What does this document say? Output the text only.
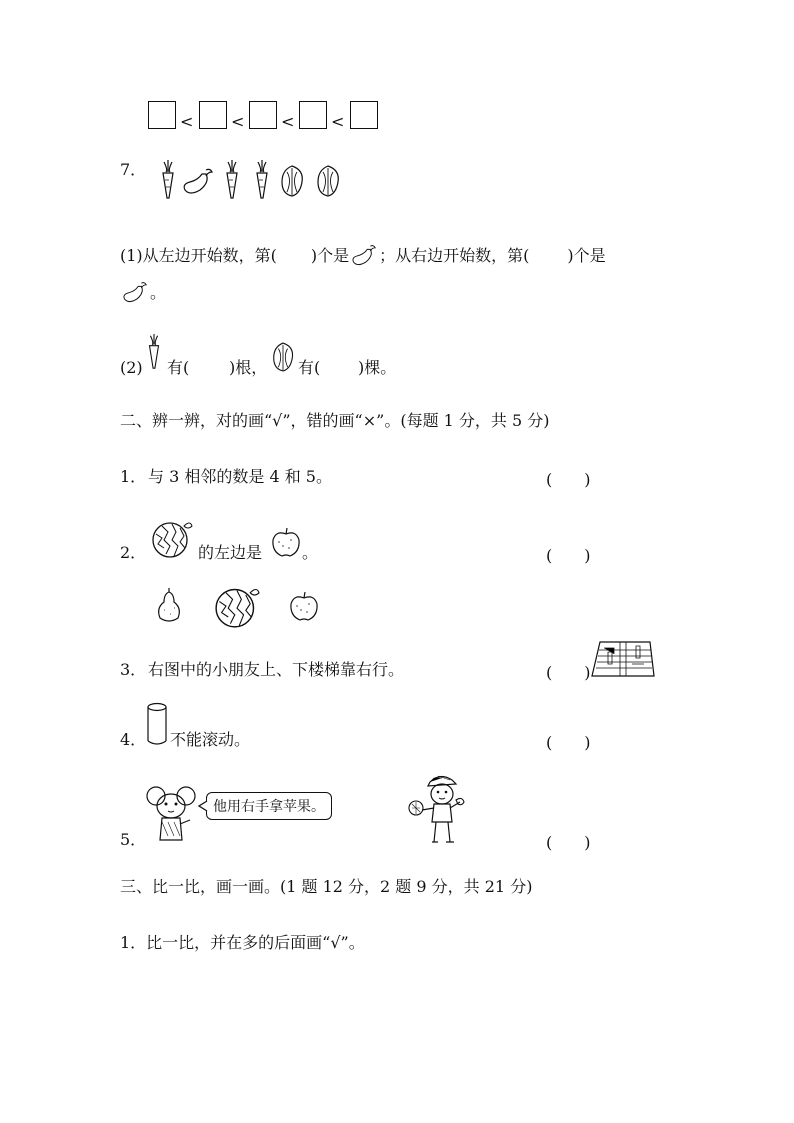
< < < <
7．
(1)从左边开始数，第( )个是 ；从右边开始数，第( )个是
。
(2) 有( )根， 有( )棵。
二、辨一辨，对的画“√”，错的画“×”。(每题 1 分，共 5 分)
1． 与 3 相邻的数是 4 和 5。	(　　)
2．	的左边是 。	(　　)
3． 右图中的小朋友上、下楼梯靠右行。	(　　)
4． 不能滚动。	(　　)
他用右手拿苹果。
5．	(　　)
三、比一比，画一画。(1 题 12 分，2 题 9 分，共 21 分)
1．比一比，并在多的后面画“√”。
